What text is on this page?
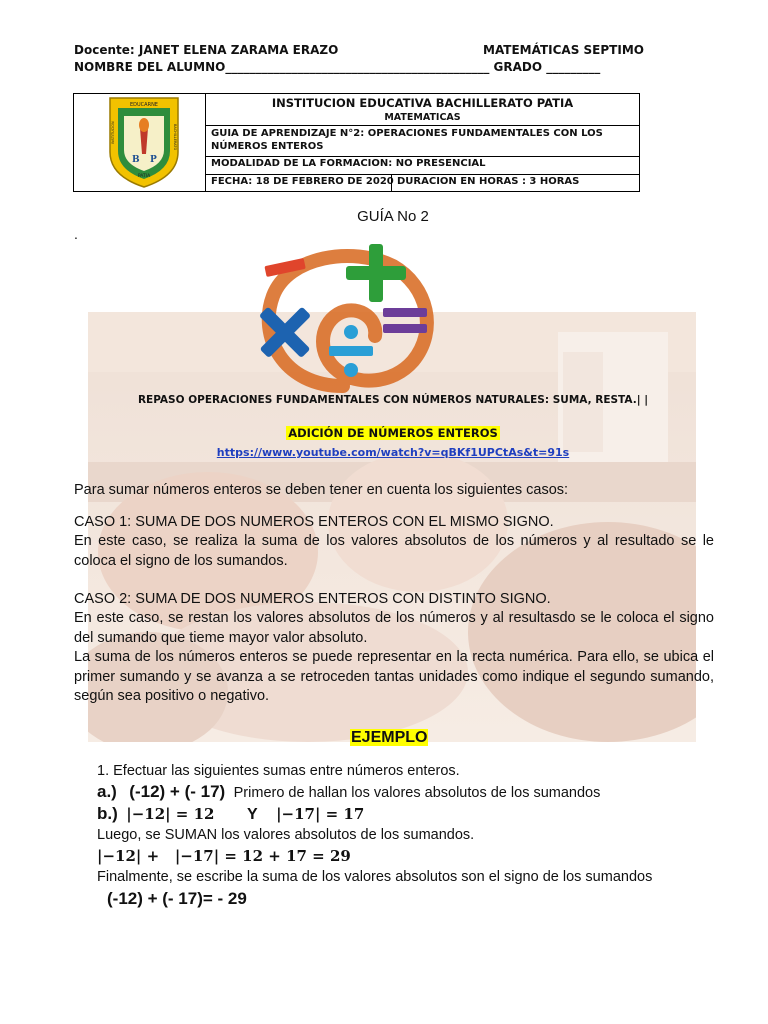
Docente: JANET ELENA ZARAMA ERAZO	MATEMÁTICAS SEPTIMO
NOMBRE DEL ALUMNO____________________________________________ GRADO _________
EDUCARNE
B P
PATIA
INSTITUCION	BACHILLERATO
INSTITUCION EDUCATIVA BACHILLERATO PATIA
MATEMATICAS
GUIA DE APRENDIZAJE N°2: OPERACIONES FUNDAMENTALES CON LOS
NÚMEROS ENTEROS
MODALIDAD DE LA FORMACION: NO PRESENCIAL
FECHA: 18 DE FEBRERO DE 2020 DURACION EN HORAS : 3 HORAS
GUÍA No 2
.
REPASO OPERACIONES FUNDAMENTALES CON NÚMEROS NATURALES: SUMA, RESTA.| |
ADICIÓN DE NÚMEROS ENTEROS
https://www.youtube.com/watch?v=qBKf1UPCtAs&t=91s
Para sumar números enteros se deben tener en cuenta los siguientes casos:
CASO 1: SUMA DE DOS NUMEROS ENTEROS CON EL MISMO SIGNO.
En este caso, se realiza la suma de los valores absolutos de los números y al resultado se le coloca el signo de los sumandos.
CASO 2: SUMA DE DOS NUMEROS ENTEROS CON DISTINTO SIGNO.
En este caso, se restan los valores absolutos de los números y al resultasdo se le coloca el signo del sumando que tieme mayor valor absoluto.
La suma de los números enteros se puede representar en la recta numérica. Para ello, se ubica el primer sumando y se avanza a se retroceden tantas unidades como indique el segundo sumando, según sea positivo o negativo.
EJEMPLO
1. Efectuar las siguientes sumas entre números enteros.
a.) (-12) + (- 17) Primero de hallan los valores absolutos de los sumandos
b.) |−12| = 12 Y |−17| = 17
Luego, se SUMAN los valores absolutos de los sumandos.
|−12| +   |−17| = 12 + 17 = 29
Finalmente, se escribe la suma de los valores absolutos son el signo de los sumandos
(-12) + (- 17)= - 29
